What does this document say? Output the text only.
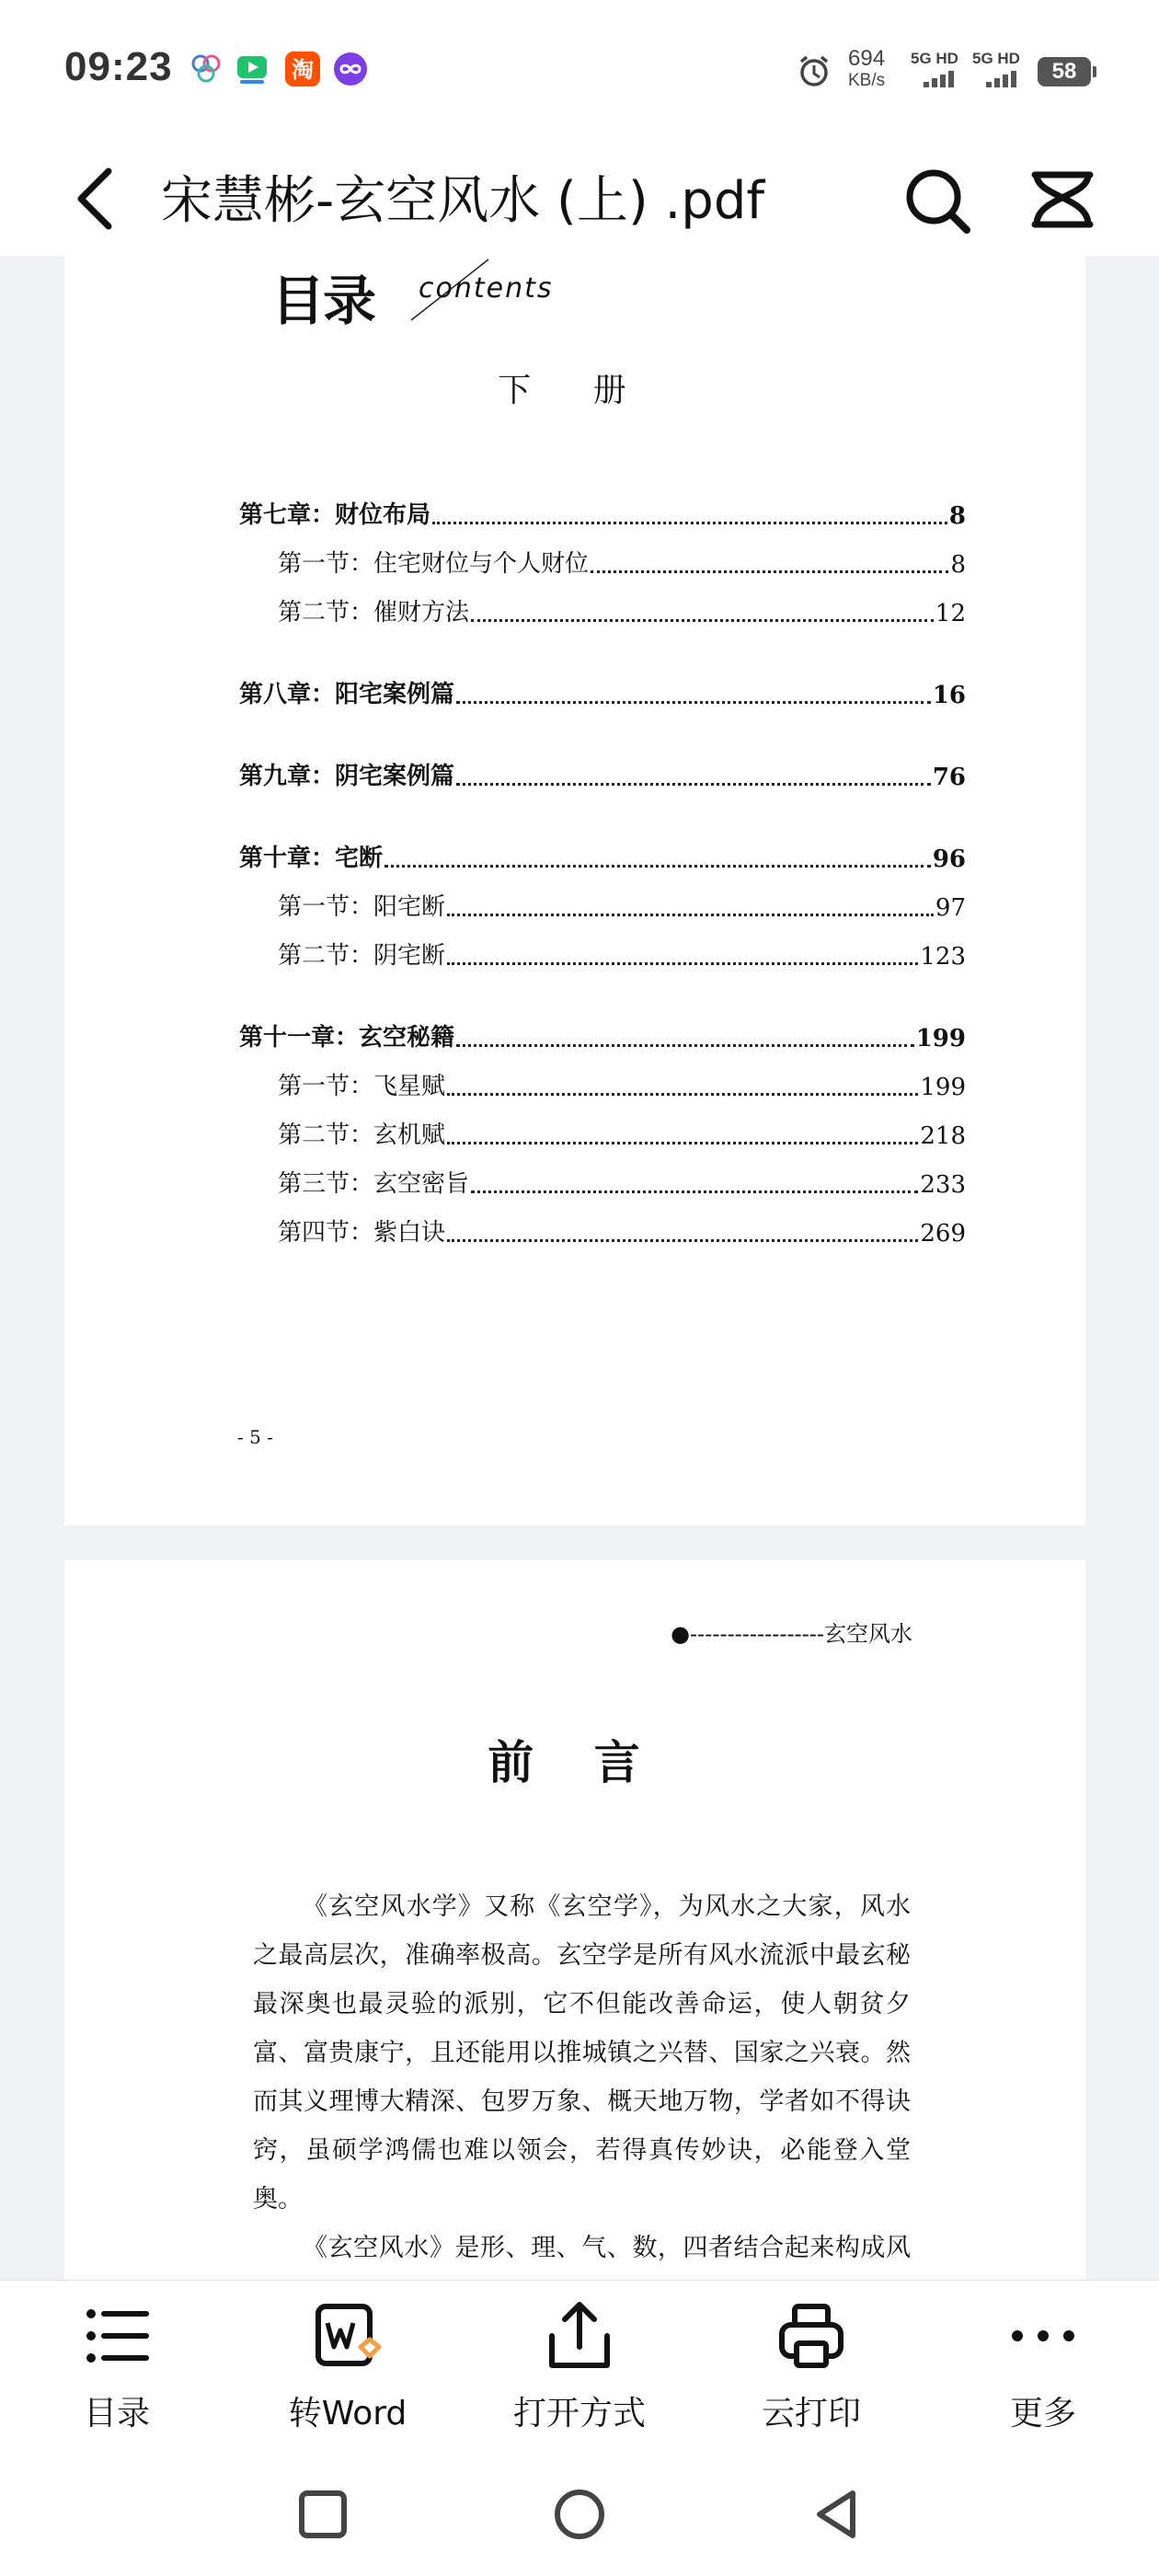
09:23	淘	694
KB/s
5G HD 5G HD
58
宋慧彬-玄空风水 (上) .pdf
目录 contents
下 册
第七章：财位布局	8
第一节：住宅财位与个人财位	8
第二节：催财方法	12
第八章：阳宅案例篇	16
第九章：阴宅案例篇	76
第十章：宅断	96
第一节：阳宅断	97
第二节：阴宅断	123
第十一章：玄空秘籍	199
第一节：飞星赋	199
第二节：玄机赋	218
第三节：玄空密旨	233
第四节：紫白诀	269
- 5 -
●------------------玄空风水
前 言

《玄空风水学》又称《玄空学》，为风水之大家，风水之最高层次，准确率极高。玄空学是所有风水流派中最玄秘最深奥也最灵验的派别，它不但能改善命运，使人朝贫夕富、富贵康宁，且还能用以推城镇之兴替、国家之兴衰。然而其义理博大精深、包罗万象、概天地万物，学者如不得诀窍，虽硕学鸿儒也难以领会，若得真传妙诀，必能登入堂奥。

《玄空风水》是形、理、气、数，四者结合起来构成风

目录	转Word	打开方式	云打印	更多
